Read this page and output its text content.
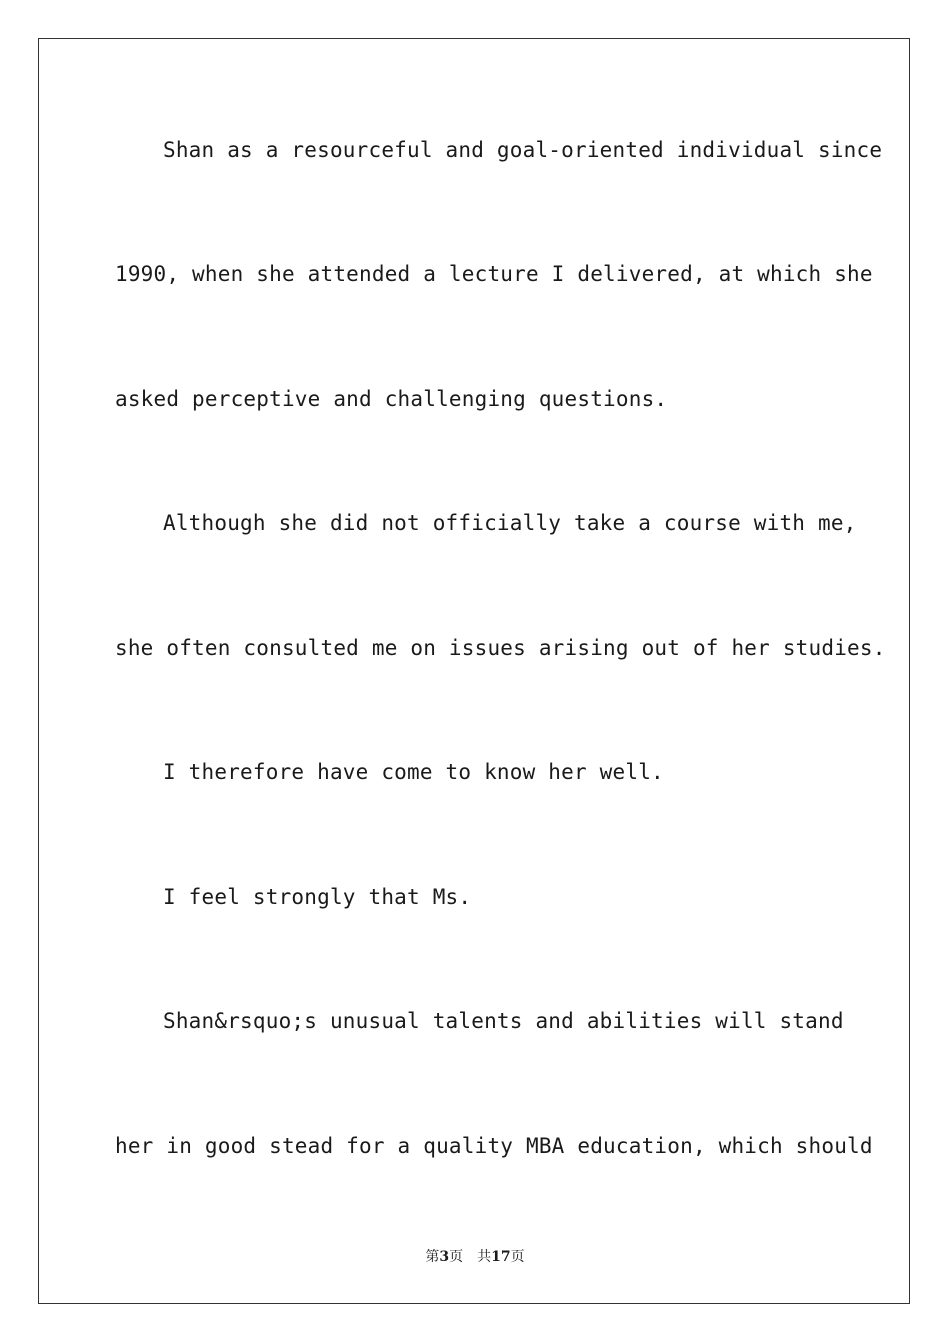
Shan as a resourceful and goal-oriented individual since
1990, when she attended a lecture I delivered, at which she
asked perceptive and challenging questions.
Although she did not officially take a course with me,
she often consulted me on issues arising out of her studies.
I therefore have come to know her well.
I feel strongly that Ms.
Shan&rsquo;s unusual talents and abilities will stand
her in good stead for a quality MBA education, which should
第3页 共17页
